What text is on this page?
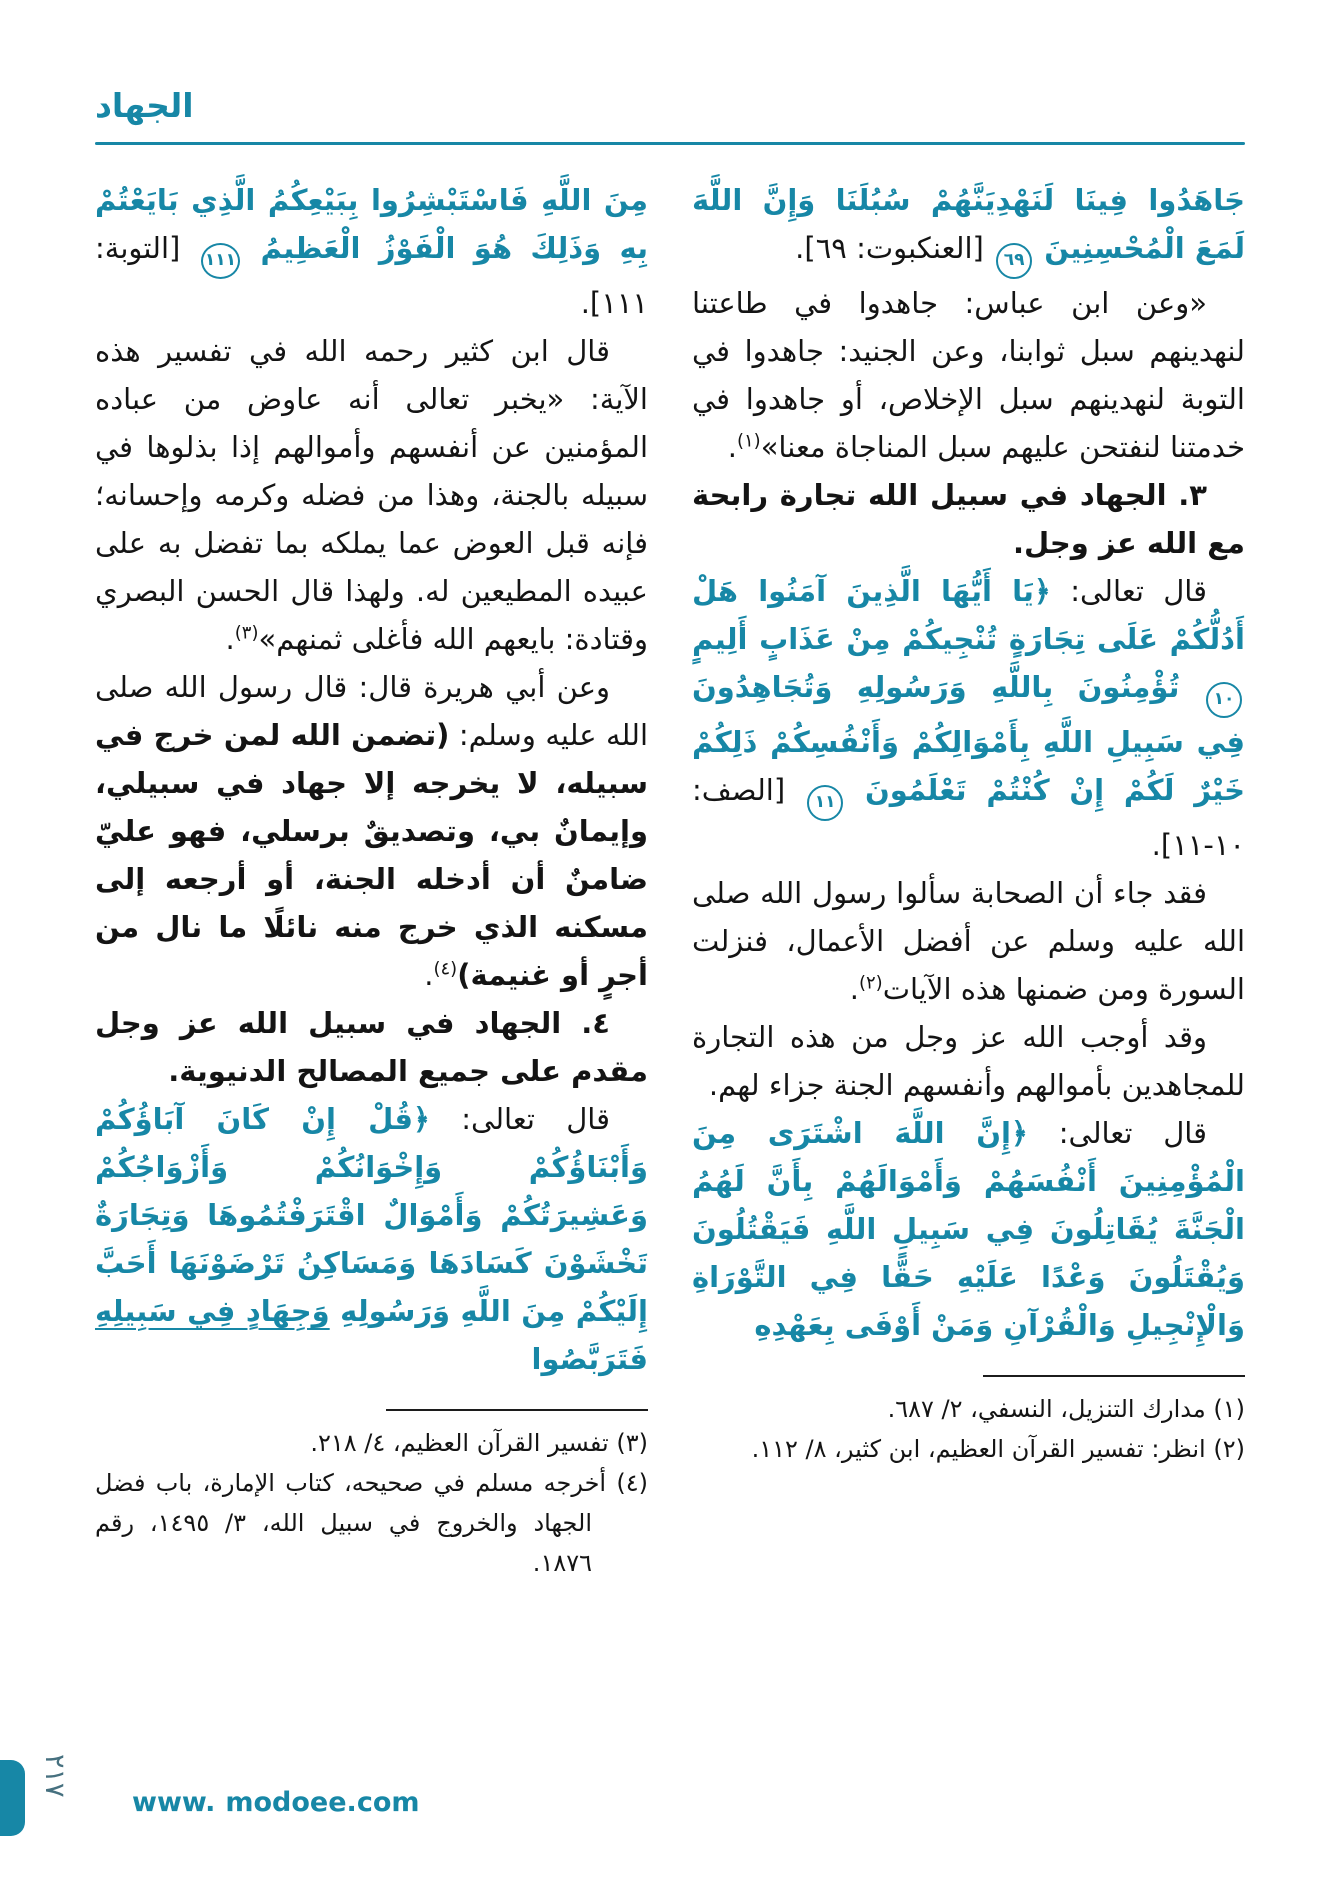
الجهاد

جَاهَدُوا فِينَا لَنَهْدِيَنَّهُمْ سُبُلَنَا وَإِنَّ اللَّهَ لَمَعَ الْمُحْسِنِينَ ٦٩ [العنكبوت: ٦٩].

«وعن ابن عباس: جاهدوا في طاعتنا لنهدينهم سبل ثوابنا، وعن الجنيد: جاهدوا في التوبة لنهدينهم سبل الإخلاص، أو جاهدوا في خدمتنا لنفتحن عليهم سبل المناجاة معنا»$^{(١)}$.

٣. الجهاد في سبيل الله تجارة رابحة مع الله عز وجل.

قال تعالى: ﴿يَا أَيُّهَا الَّذِينَ آمَنُوا هَلْ أَدُلُّكُمْ عَلَى تِجَارَةٍ تُنْجِيكُمْ مِنْ عَذَابٍ أَلِيمٍ ١٠ تُؤْمِنُونَ بِاللَّهِ وَرَسُولِهِ وَتُجَاهِدُونَ فِي سَبِيلِ اللَّهِ بِأَمْوَالِكُمْ وَأَنْفُسِكُمْ ذَلِكُمْ خَيْرٌ لَكُمْ إِنْ كُنْتُمْ تَعْلَمُونَ ١١ [الصف: ١٠-١١].

فقد جاء أن الصحابة سألوا رسول الله صلى الله عليه وسلم عن أفضل الأعمال، فنزلت السورة ومن ضمنها هذه الآيات$^{(٢)}$.

وقد أوجب الله عز وجل من هذه التجارة للمجاهدين بأموالهم وأنفسهم الجنة جزاء لهم.

قال تعالى: ﴿إِنَّ اللَّهَ اشْتَرَى مِنَ الْمُؤْمِنِينَ أَنْفُسَهُمْ وَأَمْوَالَهُمْ بِأَنَّ لَهُمُ الْجَنَّةَ يُقَاتِلُونَ فِي سَبِيلِ اللَّهِ فَيَقْتُلُونَ وَيُقْتَلُونَ وَعْدًا عَلَيْهِ حَقًّا فِي التَّوْرَاةِ وَالْإِنْجِيلِ وَالْقُرْآنِ وَمَنْ أَوْفَى بِعَهْدِهِ

(١) مدارك التنزيل، النسفي، ٢/ ٦٨٧.

(٢) انظر: تفسير القرآن العظيم، ابن كثير، ٨/ ١١٢.

مِنَ اللَّهِ فَاسْتَبْشِرُوا بِبَيْعِكُمُ الَّذِي بَايَعْتُمْ بِهِ وَذَلِكَ هُوَ الْفَوْزُ الْعَظِيمُ ١١١ [التوبة: ١١١].

قال ابن كثير رحمه الله في تفسير هذه الآية: «يخبر تعالى أنه عاوض من عباده المؤمنين عن أنفسهم وأموالهم إذا بذلوها في سبيله بالجنة، وهذا من فضله وكرمه وإحسانه؛ فإنه قبل العوض عما يملكه بما تفضل به على عبيده المطيعين له. ولهذا قال الحسن البصري وقتادة: بايعهم الله فأغلى ثمنهم»$^{(٣)}$.

وعن أبي هريرة قال: قال رسول الله صلى الله عليه وسلم: (تضمن الله لمن خرج في سبيله، لا يخرجه إلا جهاد في سبيلي، وإيمانٌ بي، وتصديقٌ برسلي، فهو عليّ ضامنٌ أن أدخله الجنة، أو أرجعه إلى مسكنه الذي خرج منه نائلًا ما نال من أجرٍ أو غنيمة)$^{(٤)}$.

٤. الجهاد في سبيل الله عز وجل مقدم على جميع المصالح الدنيوية.

قال تعالى: ﴿قُلْ إِنْ كَانَ آبَاؤُكُمْ وَأَبْنَاؤُكُمْ وَإِخْوَانُكُمْ وَأَزْوَاجُكُمْ وَعَشِيرَتُكُمْ وَأَمْوَالٌ اقْتَرَفْتُمُوهَا وَتِجَارَةٌ تَخْشَوْنَ كَسَادَهَا وَمَسَاكِنُ تَرْضَوْنَهَا أَحَبَّ إِلَيْكُمْ مِنَ اللَّهِ وَرَسُولِهِ وَجِهَادٍ فِي سَبِيلِهِ فَتَرَبَّصُوا

(٣) تفسير القرآن العظيم، ٤/ ٢١٨.

(٤) أخرجه مسلم في صحيحه، كتاب الإمارة، باب فضل الجهاد والخروج في سبيل الله، ٣/ ١٤٩٥، رقم ١٨٧٦.

٢١٧
www. modoee.com
